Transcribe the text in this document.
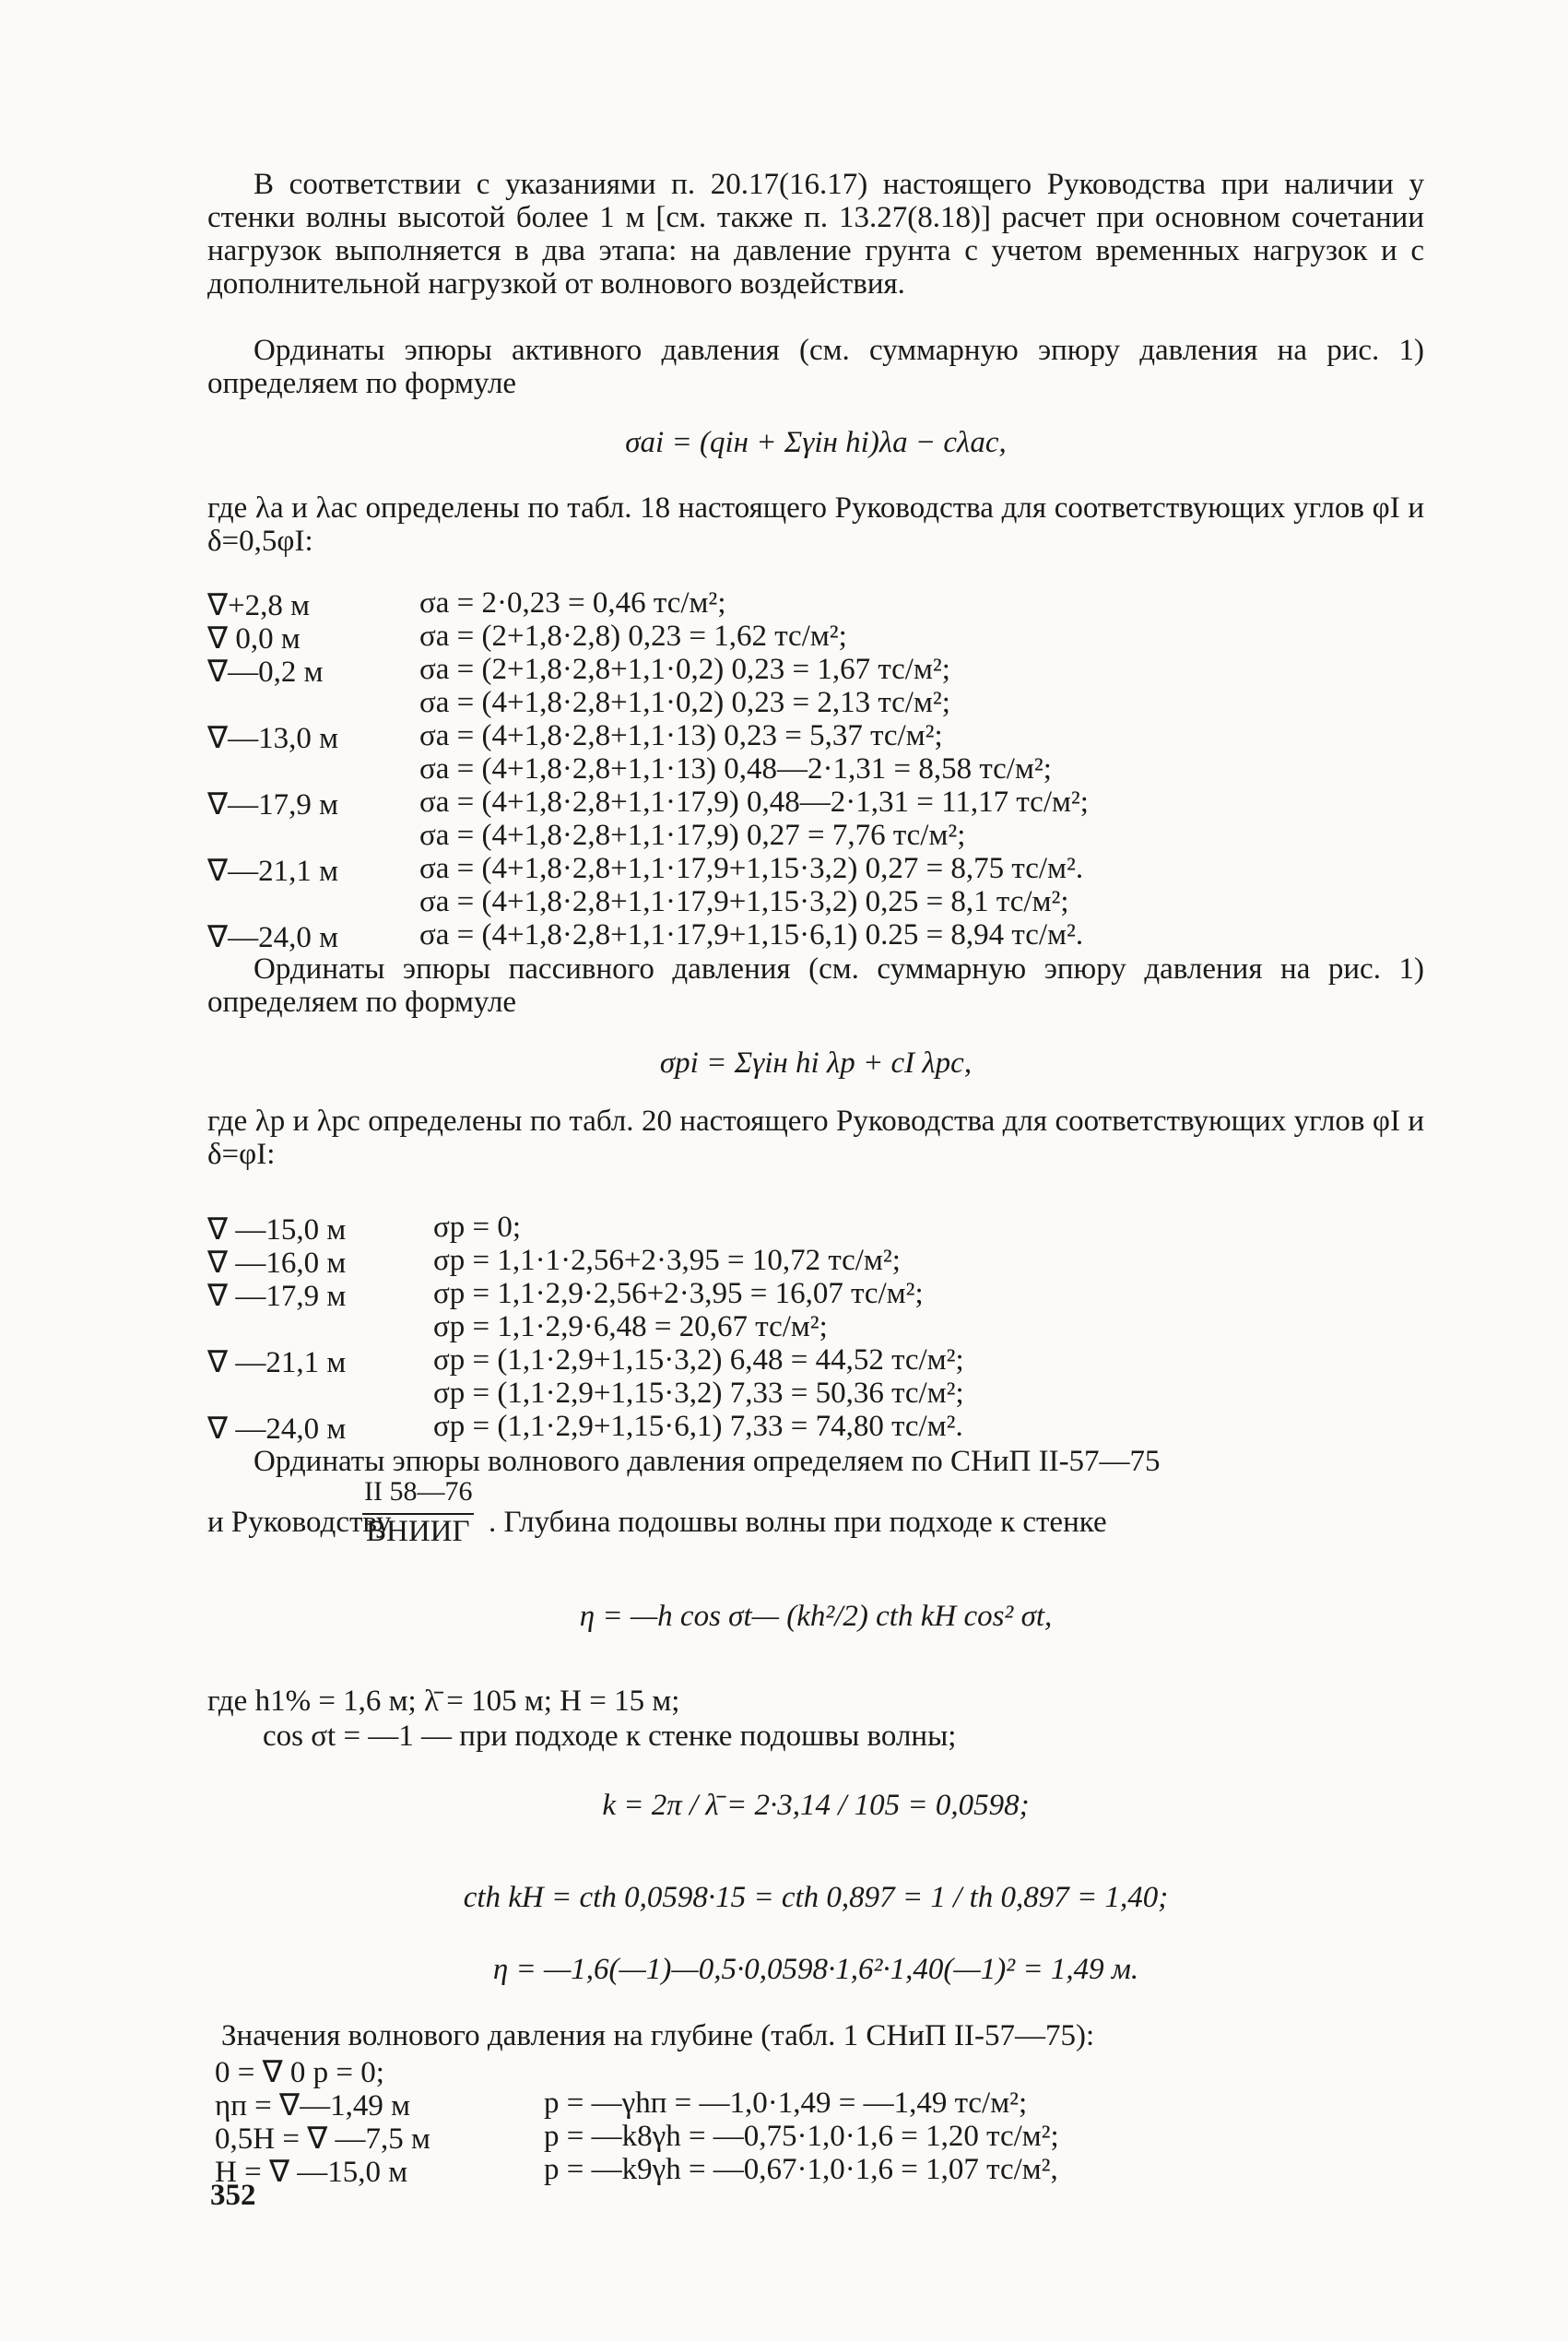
В соответствии с указаниями п. 20.17(16.17) настоящего Руководства при наличии у стенки волны высотой более 1 м [см. также п. 13.27(8.18)] расчет при основном сочетании нагрузок выполняется в два этапа: на давление грунта с учетом временных нагрузок и с дополнительной нагрузкой от волнового воздействия.
Ординаты эпюры активного давления (см. суммарную эпюру давления на рис. 1) определяем по формуле
σai = (qiн + Σγiн hi)λa − cλac,
где λa и λac определены по табл. 18 настоящего Руководства для соответствующих углов φI и δ=0,5φI:
∇+2,8 м	σa = 2·0,23 = 0,46 тс/м²;
∇ 0,0 м	σa = (2+1,8·2,8) 0,23 = 1,62 тс/м²;
∇—0,2 м	σa = (2+1,8·2,8+1,1·0,2) 0,23 = 1,67 тс/м²;
σa = (4+1,8·2,8+1,1·0,2) 0,23 = 2,13 тс/м²;
∇—13,0 м	σa = (4+1,8·2,8+1,1·13) 0,23 = 5,37 тс/м²;
σa = (4+1,8·2,8+1,1·13) 0,48—2·1,31 = 8,58 тс/м²;
∇—17,9 м	σa = (4+1,8·2,8+1,1·17,9) 0,48—2·1,31 = 11,17 тс/м²;
σa = (4+1,8·2,8+1,1·17,9) 0,27 = 7,76 тс/м²;
∇—21,1 м	σa = (4+1,8·2,8+1,1·17,9+1,15·3,2) 0,27 = 8,75 тс/м².
σa = (4+1,8·2,8+1,1·17,9+1,15·3,2) 0,25 = 8,1 тс/м²;
∇—24,0 м	σa = (4+1,8·2,8+1,1·17,9+1,15·6,1) 0.25 = 8,94 тс/м².
Ординаты эпюры пассивного давления (см. суммарную эпюру давления на рис. 1) определяем по формуле
σpi = Σγiн hi λp + cI λpc,
где λp и λpc определены по табл. 20 настоящего Руководства для соответствующих углов φI и δ=φI:
∇ —15,0 м	σp = 0;
∇ —16,0 м	σp = 1,1·1·2,56+2·3,95 = 10,72 тс/м²;
∇ —17,9 м	σp = 1,1·2,9·2,56+2·3,95 = 16,07 тс/м²;
σp = 1,1·2,9·6,48 = 20,67 тс/м²;
∇ —21,1 м	σp = (1,1·2,9+1,15·3,2) 6,48 = 44,52 тс/м²;
σp = (1,1·2,9+1,15·3,2) 7,33 = 50,36 тс/м²;
∇ —24,0 м	σp = (1,1·2,9+1,15·6,1) 7,33 = 74,80 тс/м².
Ординаты эпюры волнового давления определяем по СНиП II-57—75
II 58—76
и Руководству
ВНИИГ . Глубина подошвы волны при подходе к стенке
η = —h cos σt— (kh²/2) cth kH cos² σt,
где h1% = 1,6 м; λ̄ = 105 м; H = 15 м;
cos σt = —1 — при подходе к стенке подошвы волны;
k = 2π / λ̄ = 2·3,14 / 105 = 0,0598;
cth kH = cth 0,0598·15 = cth 0,897 = 1 / th 0,897 = 1,40;
η = —1,6(—1)—0,5·0,0598·1,6²·1,40(—1)² = 1,49 м.
Значения волнового давления на глубине (табл. 1 СНиП II-57—75):
0 = ∇ 0 p = 0;
ηп = ∇—1,49 м	p = —γhп = —1,0·1,49 = —1,49 тс/м²;
0,5H = ∇ —7,5 м	p = —k8γh = —0,75·1,0·1,6 = 1,20 тс/м²;
H = ∇ —15,0 м	p = —k9γh = —0,67·1,0·1,6 = 1,07 тс/м²,
352
